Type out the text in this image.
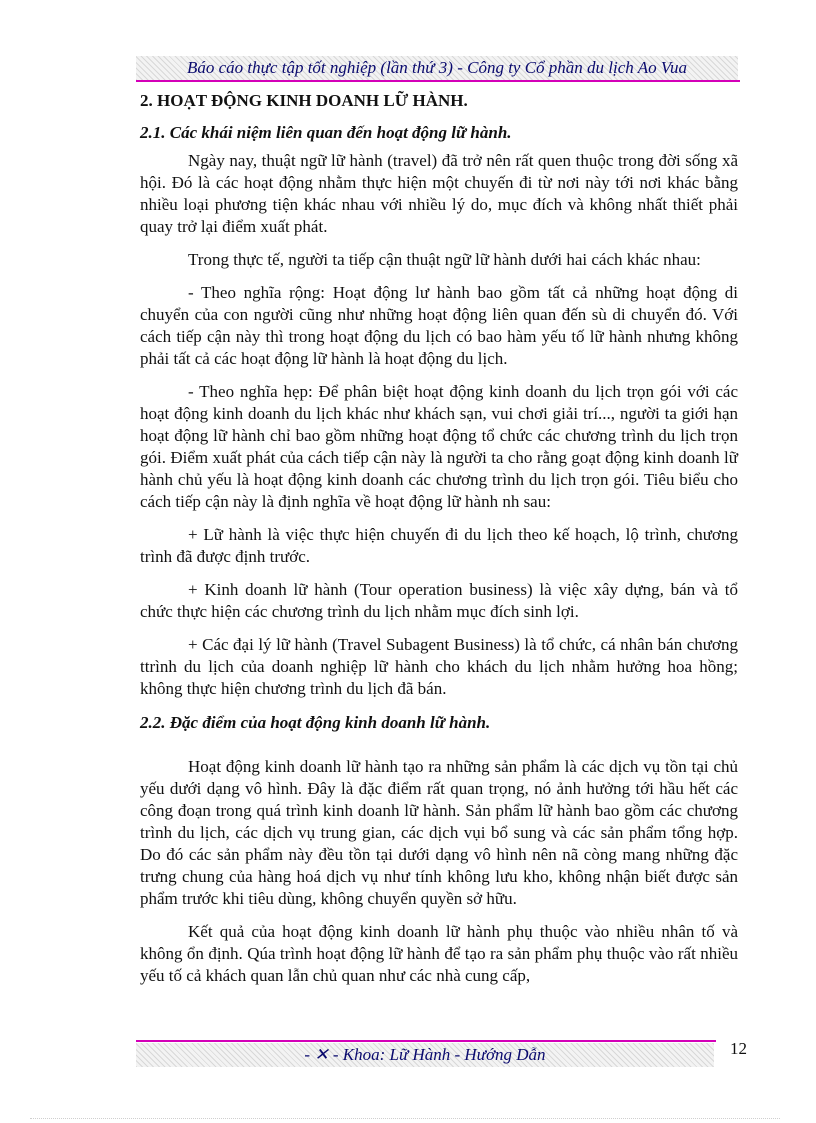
Báo cáo thực tập tốt nghiệp (lần thứ 3) - Công ty Cổ phần du lịch Ao Vua
2. HOẠT ĐỘNG KINH DOANH LỮ HÀNH.
2.1. Các khái niệm liên quan đến hoạt động lữ hành.

Ngày nay, thuật ngữ lữ hành (travel) đã trở nên rất quen thuộc trong đời sống xã hội. Đó là các hoạt động nhằm thực hiện một chuyến đi từ nơi này tới nơi khác bằng nhiều loại phương tiện khác nhau với nhiều lý do, mục đích và không nhất thiết phải quay trở lại điểm xuất phát.

Trong thực tế, người ta tiếp cận thuật ngữ lữ hành dưới hai cách khác nhau:

- Theo nghĩa rộng: Hoạt động lư hành bao gồm tất cả những hoạt động di chuyển của con người cũng như những hoạt động liên quan đến sù di chuyển đó. Với cách tiếp cận này thì trong hoạt động du lịch có bao hàm yếu tố lữ hành nhưng không phải tất cả các hoạt động lữ hành là hoạt động du lịch.

- Theo nghĩa hẹp: Để phân biệt hoạt động kinh doanh du lịch trọn gói với các hoạt động kinh doanh du lịch khác như khách sạn, vui chơi giải trí..., người ta giới hạn hoạt động lữ hành chỉ bao gồm những hoạt động tổ chức các chương trình du lịch trọn gói. Điểm xuất phát của cách tiếp cận này là người ta cho rằng goạt động kinh doanh lữ hành chủ yếu là hoạt động kinh doanh các chương trình du lịch trọn gói. Tiêu biểu cho cách tiếp cận này là định nghĩa về hoạt động lữ hành nh sau:

+ Lữ hành là việc thực hiện chuyến đi du lịch theo kế hoạch, lộ trình, chương trình đã được định trước.

+ Kinh doanh lữ hành (Tour operation business) là việc xây dựng, bán và tổ chức thực hiện các chương trình du lịch nhằm mục đích sinh lợi.

+ Các đại lý lữ hành (Travel Subagent Business) là tổ chức, cá nhân bán chương ttrình du lịch của doanh nghiệp lữ hành cho khách du lịch nhằm hưởng hoa hồng; không thực hiện chương trình du lịch đã bán.

2.2. Đặc điểm của hoạt động kinh doanh lữ hành.

Hoạt động kinh doanh lữ hành tạo ra những sản phẩm là các dịch vụ tồn tại chủ yếu dưới dạng vô hình. Đây là đặc điểm rất quan trọng, nó ảnh hưởng tới hầu hết các công đoạn trong quá trình kinh doanh lữ hành. Sản phẩm lữ hành bao gồm các chương trình du lịch, các dịch vụ trung gian, các dịch vụi bổ sung và các sản phẩm tổng hợp. Do đó các sản phẩm này đều tồn tại dưới dạng vô hình nên nã còng mang những đặc trưng chung của hàng hoá dịch vụ như tính không lưu kho, không nhận biết được sản phẩm trước khi tiêu dùng, không chuyển quyền sở hữu.

Kết quả của hoạt động kinh doanh lữ hành phụ thuộc vào nhiều nhân tố và không ổn định. Qúa trình hoạt động lữ hành để tạo ra sản phẩm phụ thuộc vào rất nhiều yếu tố cả khách quan lẫn chủ quan như các nhà cung cấp,

- ✕ - Khoa: Lữ Hành - Hướng Dẫn	12
